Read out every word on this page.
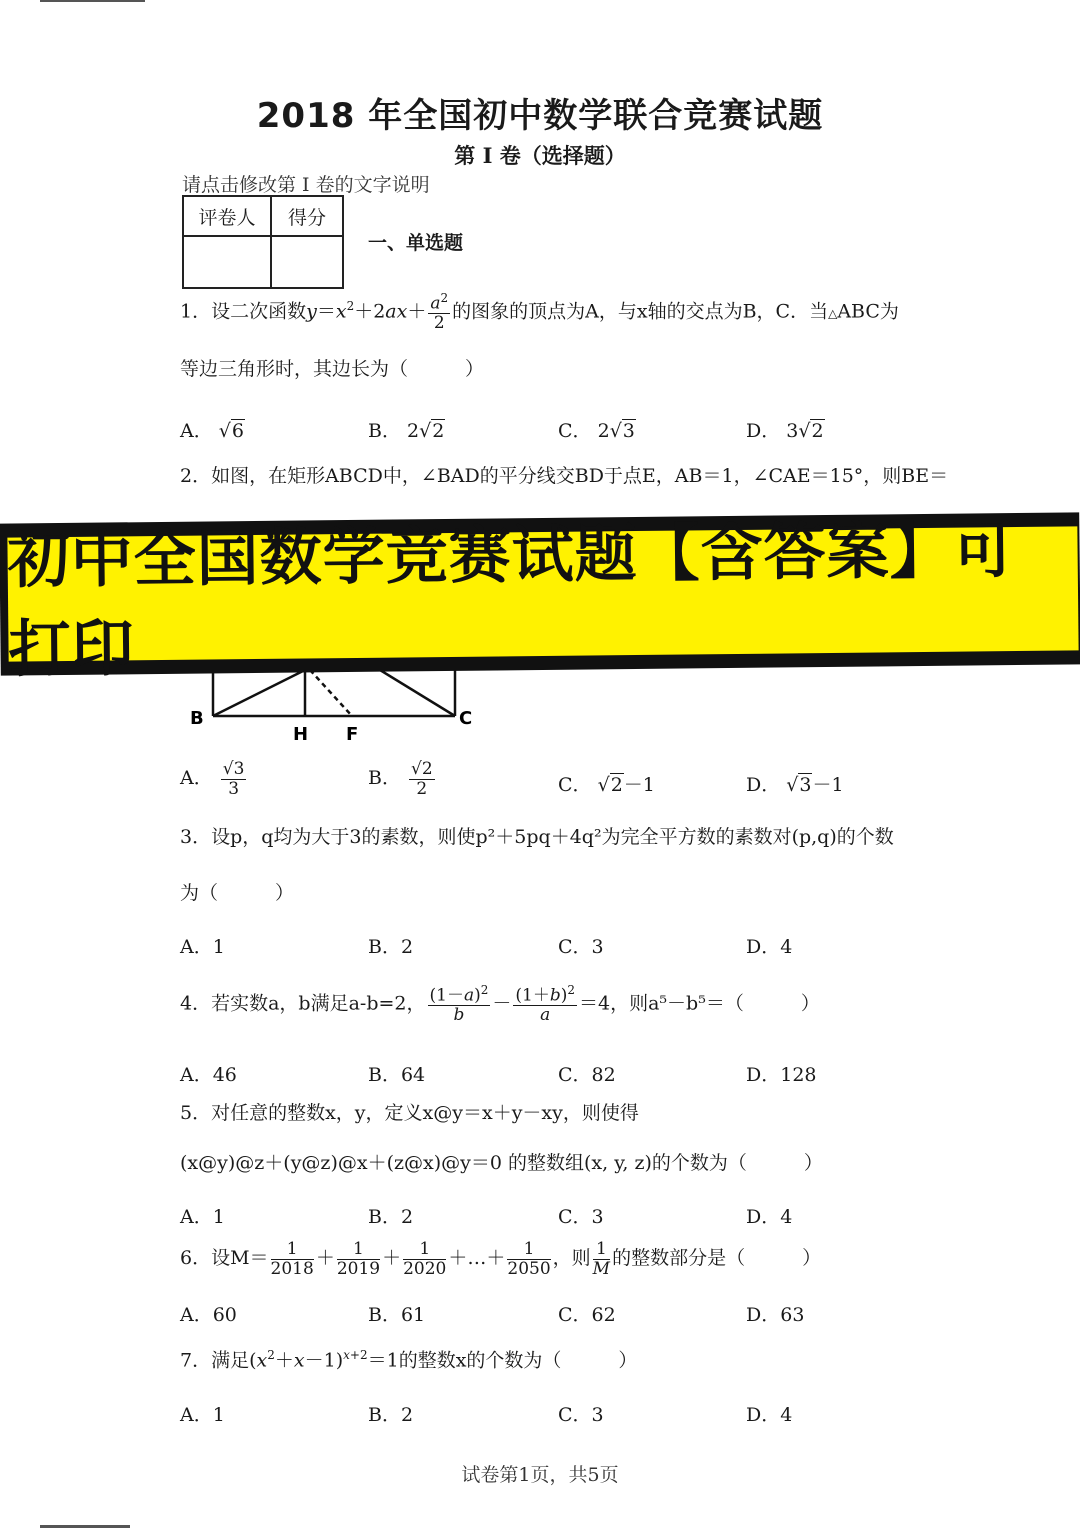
2018 年全国初中数学联合竞赛试题
第 I 卷（选择题）
请点击修改第 I 卷的文字说明
评卷人	得分

一、单选题
1．设二次函数$y=x^2+2ax+ \frac{a^2}{2}$ 的图象的顶点为A，与x轴的交点为B，C．当△ABC为
等边三角形时，其边长为（　　　）
A． √6	B． 2√2	C． 2√3	D． 3√2
2．如图，在矩形ABCD中，∠BAD的平分线交BD于点E，AB＝1，∠CAE＝15°，则BE＝
B
H F
C
A． $\frac{√3}{3}$	B． $\frac{√2}{2}$	C． √2－1	D． √3－1
初中全国数学竞赛试题【含答案】可打印
3．设p，q均为大于3的素数，则使p²＋5pq＋4q²为完全平方数的素数对(p,q)的个数
为（　　　）
A．1	B．2	C．3	D．4
4．若实数a，b满足a-b=2， $\frac{(1-a)^2}{b} - \frac{(1+b)^2}{a} =4$，则a⁵－b⁵＝（　　　）
A．46	B．64	C．82	D．128
5．对任意的整数x，y，定义x@y＝x＋y－xy，则使得
(x@y)@z＋(y@z)@x＋(z@x)@y＝0 的整数组(x, y, z)的个数为（　　　）
A．1	B．2	C．3	D．4
6．设$M= \frac{1}{2018} + \frac{1}{2019} + \frac{1}{2020}$ ＋…＋ $\frac{1}{2050}$ ，则 $\frac{1}{M}$ 的整数部分是（　　　）
A．60	B．61	C．62	D．63
7．满足$(x^2+x-1)^{x+2}=1$的整数x的个数为（　　　）
A．1	B．2	C．3	D．4
试卷第1页，共5页
